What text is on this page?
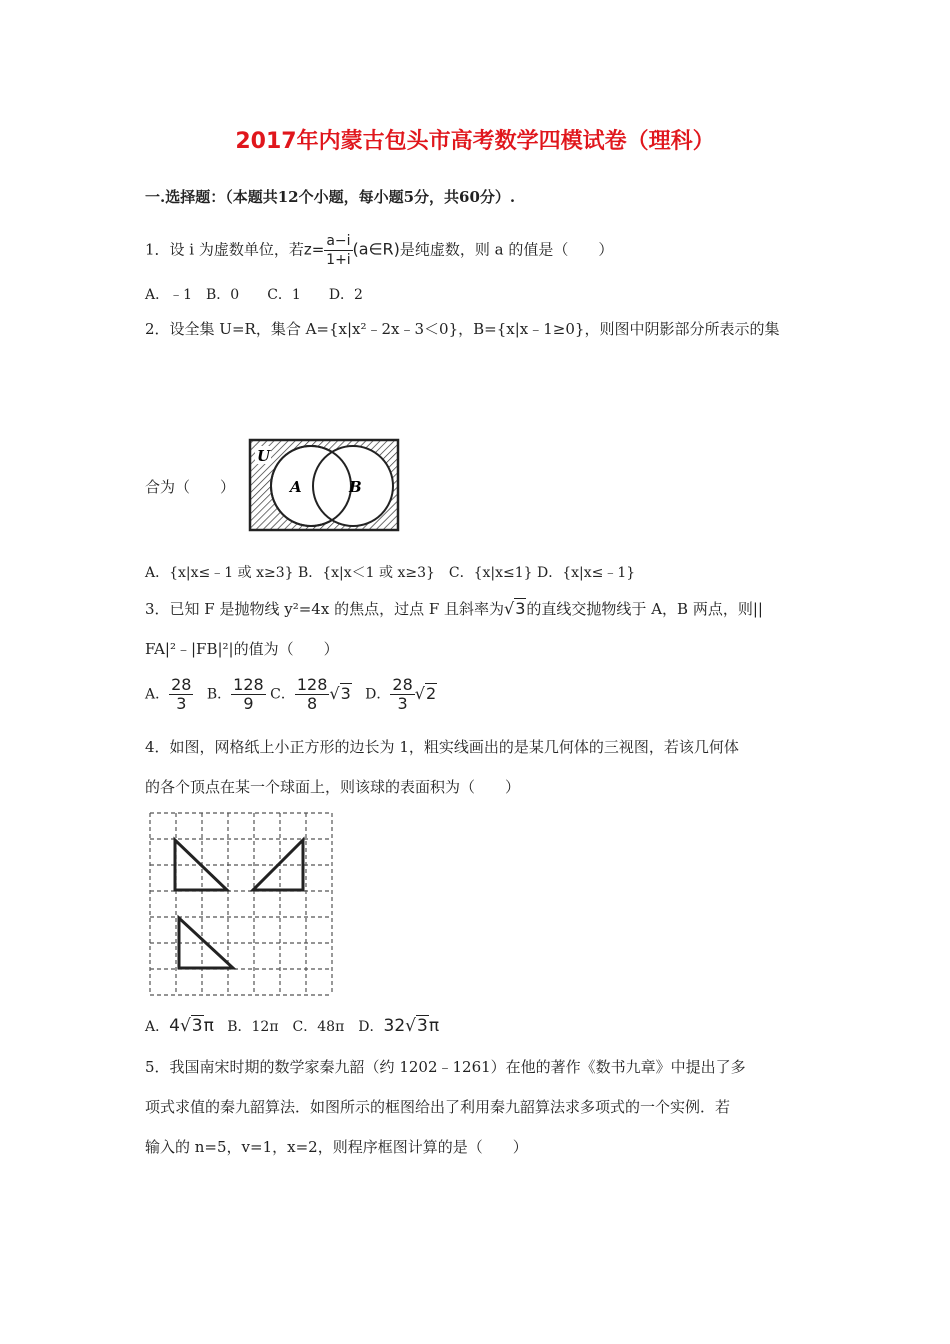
2017年内蒙古包头市高考数学四模试卷（理科）
一.选择题：（本题共12个小题，每小题5分，共60分）.
1．设 i 为虚数单位，若$z= \frac{a-i}{1+i}$ (a∈R)是纯虚数，则 a 的值是（　　）
A．﹣1　B．0　　C．1　　D．2
2．设全集 U=R，集合 A={x|x²﹣2x﹣3＜0}，B={x|x﹣1≥0}，则图中阴影部分所表示的集
合为（　　）
U
A	B
A．{x|x≤﹣1 或 x≥3} B．{x|x＜1 或 x≥3}　C．{x|x≤1} D．{x|x≤﹣1}
3．已知 F 是抛物线 y²=4x 的焦点，过点 F 且斜率为√3的直线交抛物线于 A，B 两点，则||
FA|²﹣|FB|²|的值为（　　）
A． $\frac{28}{3}$ B． $\frac{128}{9}$ C． $\frac{128}{8} √3$ D． $\frac{28}{3} √2$
4．如图，网格纸上小正方形的边长为 1，粗实线画出的是某几何体的三视图，若该几何体
的各个顶点在某一个球面上，则该球的表面积为（　　）
A．4√3π B．12π　C．48π　D．32√3π
5．我国南宋时期的数学家秦九韶（约 1202﹣1261）在他的著作《数书九章》中提出了多
项式求值的秦九韶算法．如图所示的框图给出了利用秦九韶算法求多项式的一个实例．若
输入的 n=5，v=1，x=2，则程序框图计算的是（　　）
